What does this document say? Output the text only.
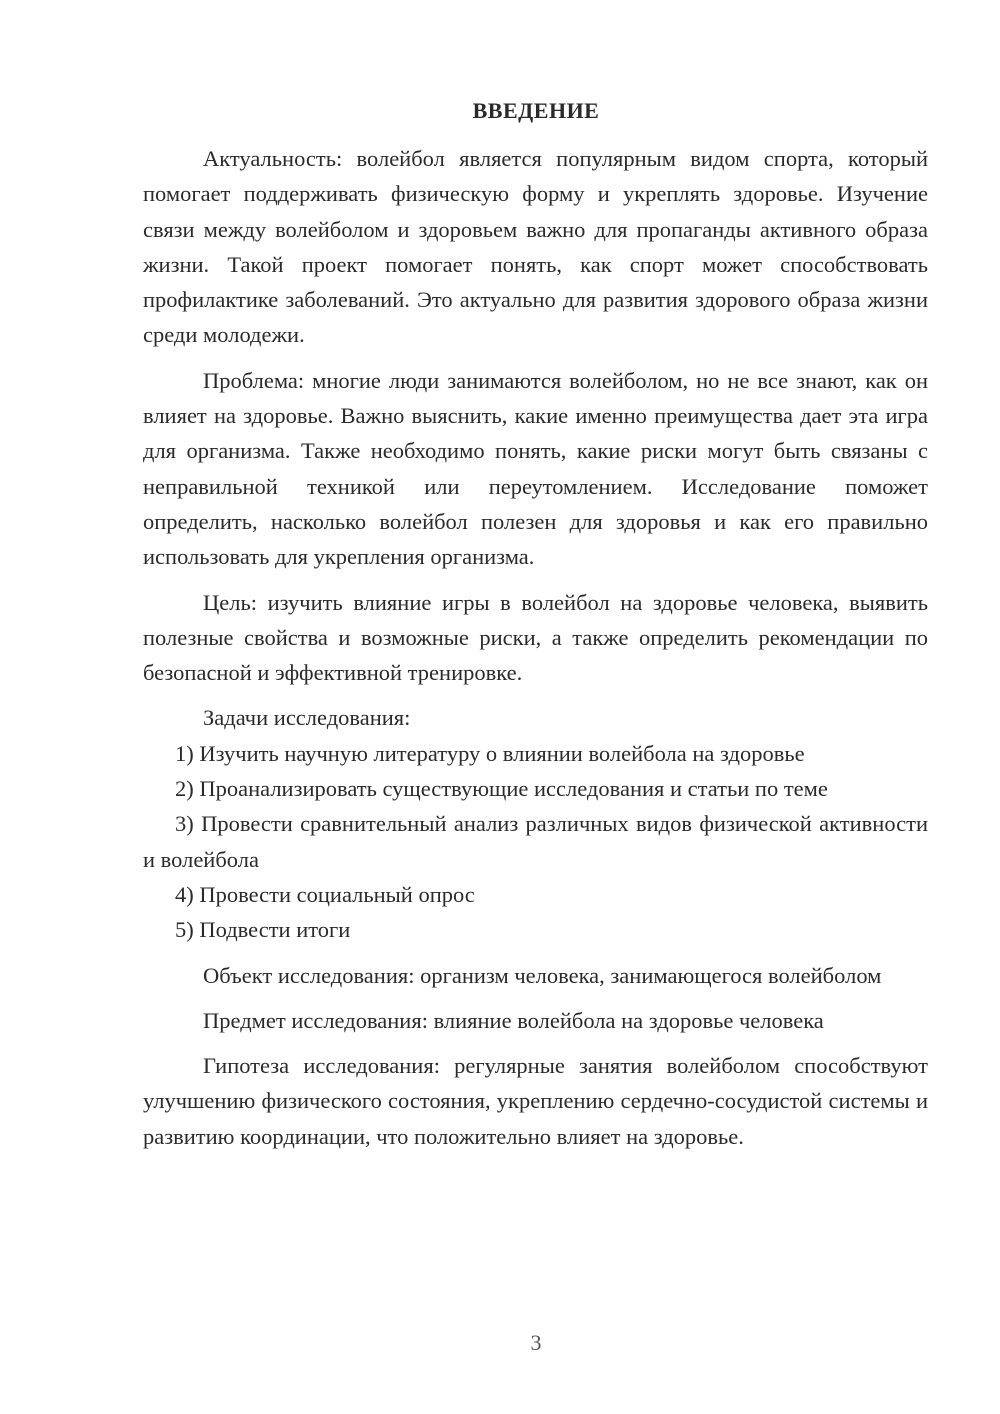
ВВЕДЕНИЕ

Актуальность: волейбол является популярным видом спорта, который помогает поддерживать физическую форму и укреплять здоровье. Изучение связи между волейболом и здоровьем важно для пропаганды активного образа жизни. Такой проект помогает понять, как спорт может способствовать профилактике заболеваний. Это актуально для развития здорового образа жизни среди молодежи.

Проблема: многие люди занимаются волейболом, но не все знают, как он влияет на здоровье. Важно выяснить, какие именно преимущества дает эта игра для организма. Также необходимо понять, какие риски могут быть связаны с неправильной техникой или переутомлением. Исследование поможет определить, насколько волейбол полезен для здоровья и как его правильно использовать для укрепления организма.

Цель: изучить влияние игры в волейбол на здоровье человека, выявить полезные свойства и возможные риски, а также определить рекомендации по безопасной и эффективной тренировке.

Задачи исследования:

1) Изучить научную литературу о влиянии волейбола на здоровье

2) Проанализировать существующие исследования и статьи по теме

3) Провести сравнительный анализ различных видов физической активности и волейбола

4) Провести социальный опрос

5) Подвести итоги

Объект исследования: организм человека, занимающегося волейболом

Предмет исследования: влияние волейбола на здоровье человека

Гипотеза исследования: регулярные занятия волейболом способствуют улучшению физического состояния, укреплению сердечно-сосудистой системы и развитию координации, что положительно влияет на здоровье.

3
